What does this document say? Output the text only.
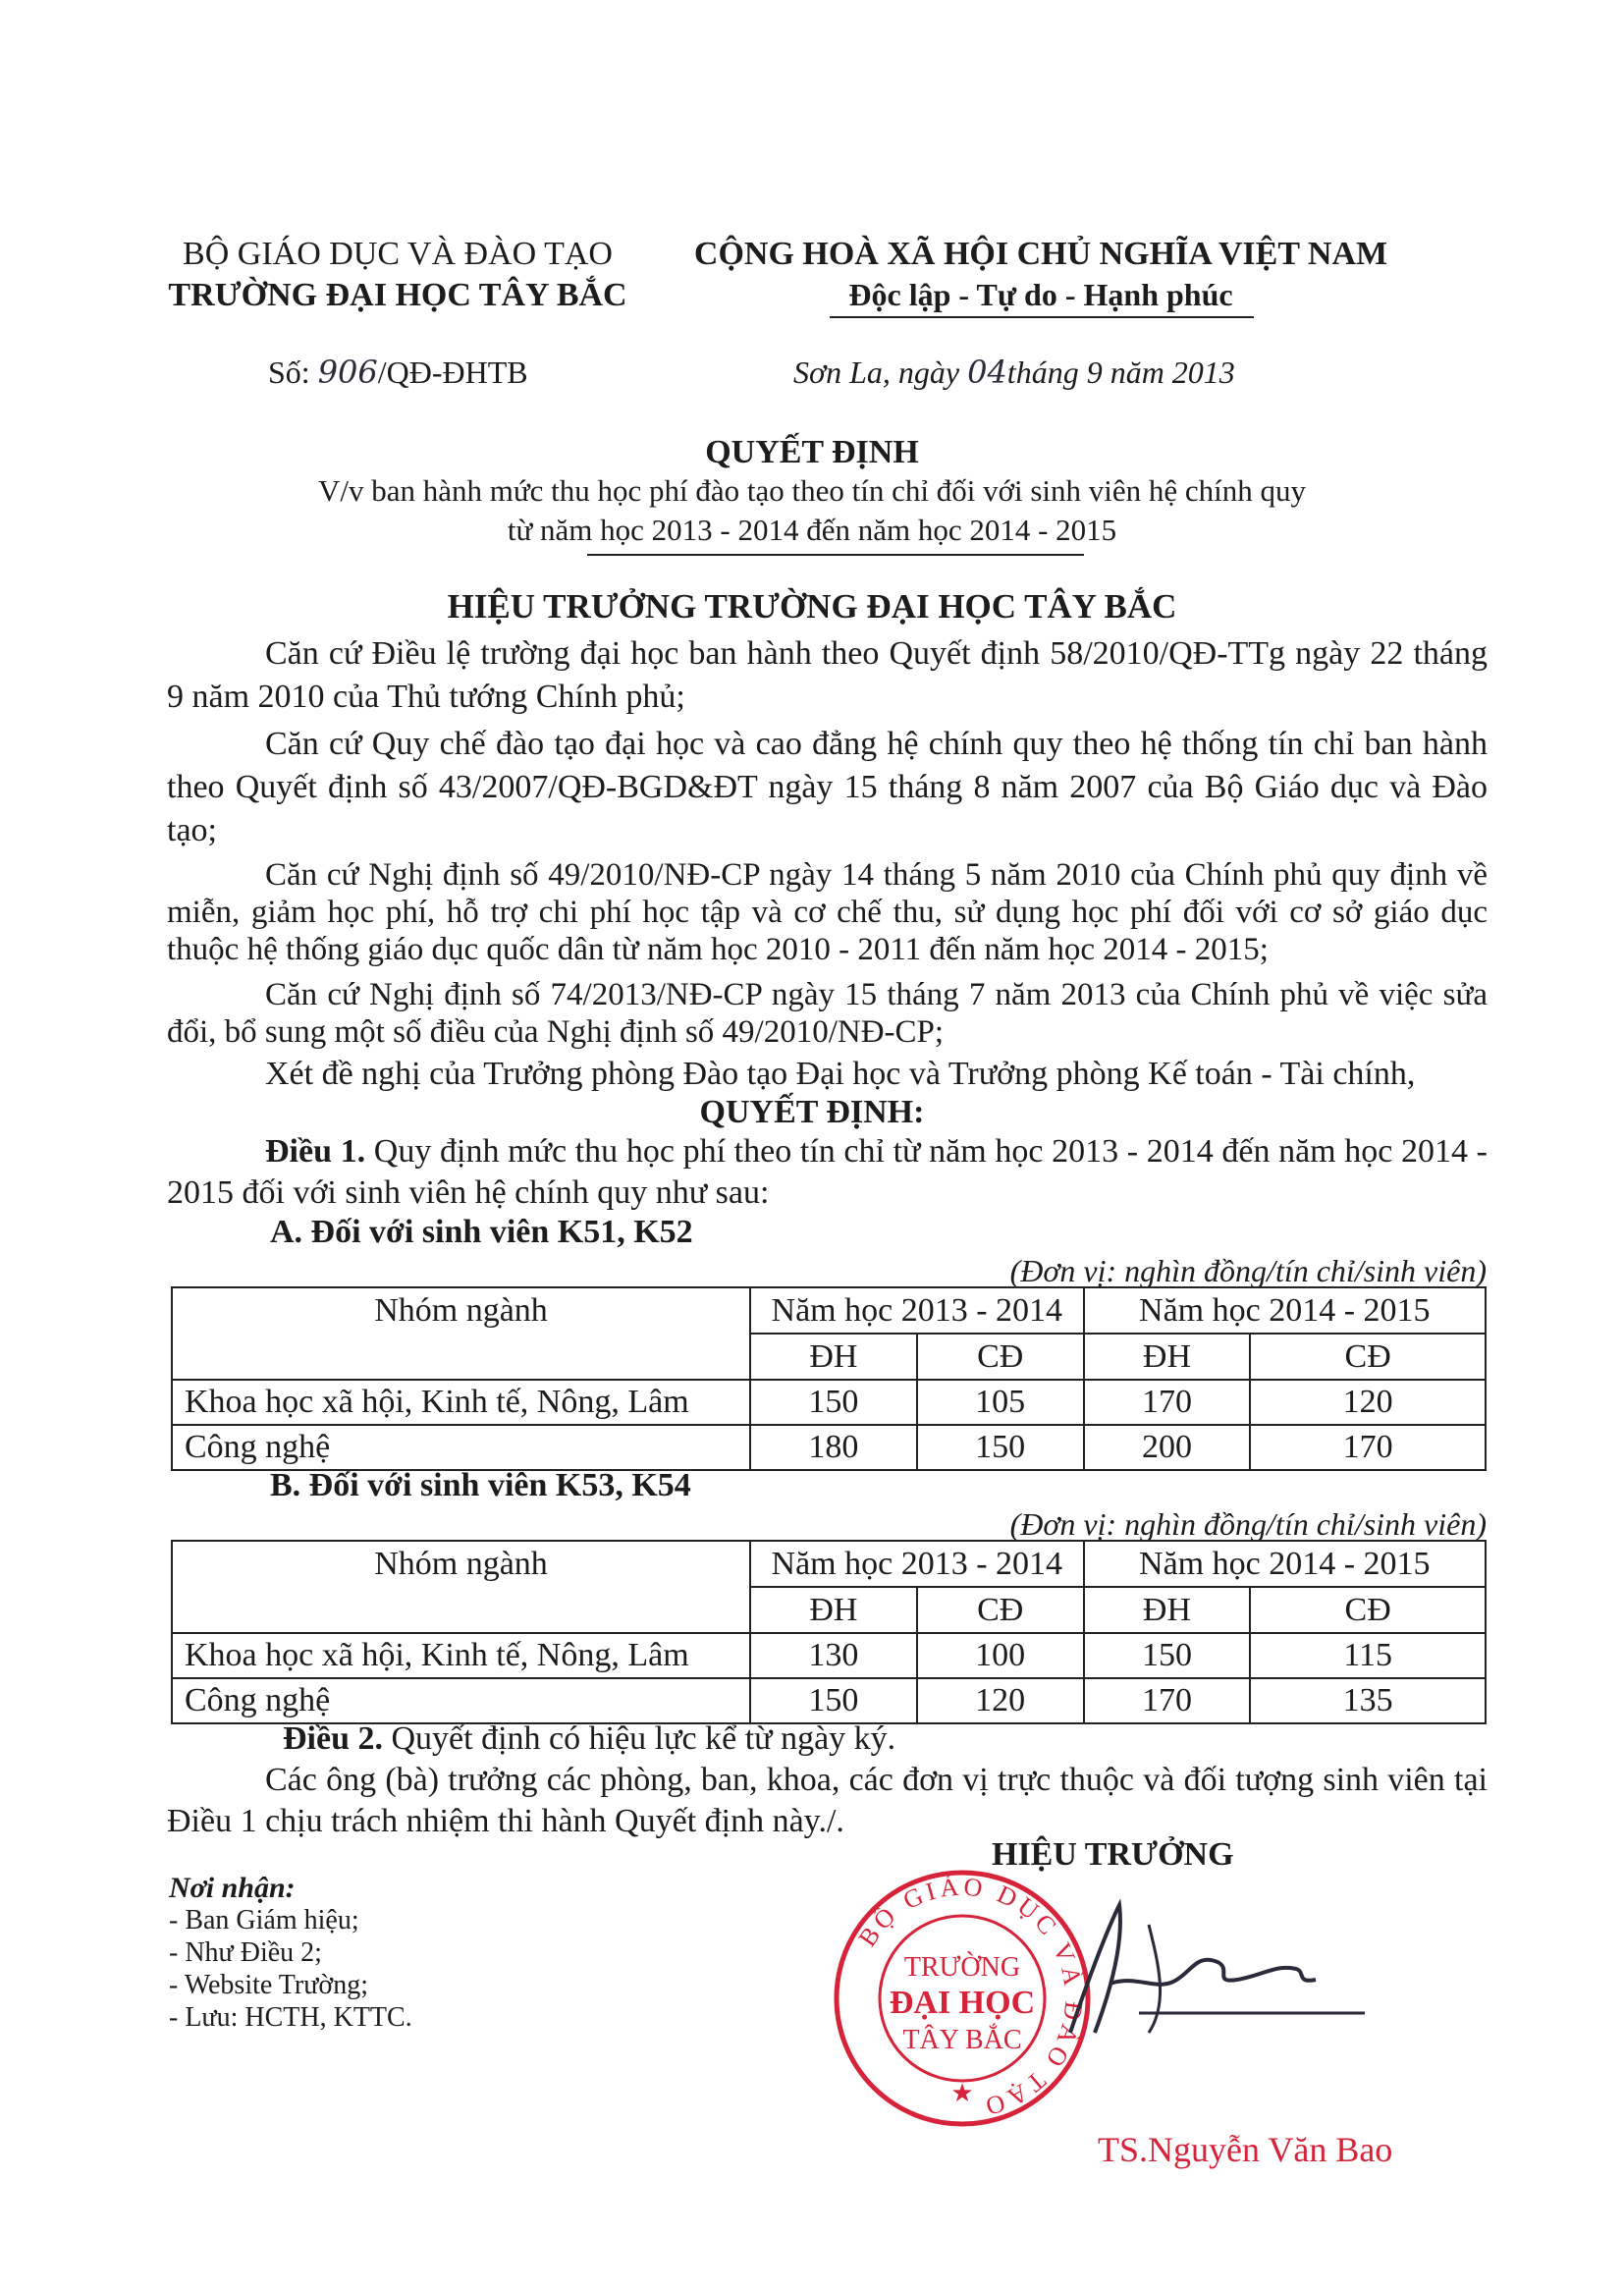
BỘ GIÁO DỤC VÀ ĐÀO TẠO
TRƯỜNG ĐẠI HỌC TÂY BẮC
CỘNG HOÀ XÃ HỘI CHỦ NGHĨA VIỆT NAM
Độc lập - Tự do - Hạnh phúc
Số: 906/QĐ-ĐHTB	Sơn La, ngày 04tháng 9 năm 2013
QUYẾT ĐỊNH
V/v ban hành mức thu học phí đào tạo theo tín chỉ đối với sinh viên hệ chính quy
từ năm học 2013 - 2014 đến năm học 2014 - 2015
HIỆU TRƯỞNG TRƯỜNG ĐẠI HỌC TÂY BẮC
Căn cứ Điều lệ trường đại học ban hành theo Quyết định 58/2010/QĐ-TTg ngày 22 tháng 9 năm 2010 của Thủ tướng Chính phủ;
Căn cứ Quy chế đào tạo đại học và cao đẳng hệ chính quy theo hệ thống tín chỉ ban hành theo Quyết định số 43/2007/QĐ-BGD&ĐT ngày 15 tháng 8 năm 2007 của Bộ Giáo dục và Đào tạo;
Căn cứ Nghị định số 49/2010/NĐ-CP ngày 14 tháng 5 năm 2010 của Chính phủ quy định về miễn, giảm học phí, hỗ trợ chi phí học tập và cơ chế thu, sử dụng học phí đối với cơ sở giáo dục thuộc hệ thống giáo dục quốc dân từ năm học 2010 - 2011 đến năm học 2014 - 2015;
Căn cứ Nghị định số 74/2013/NĐ-CP ngày 15 tháng 7 năm 2013 của Chính phủ về việc sửa đổi, bổ sung một số điều của Nghị định số 49/2010/NĐ-CP;
Xét đề nghị của Trưởng phòng Đào tạo Đại học và Trưởng phòng Kế toán - Tài chính,
QUYẾT ĐỊNH:
Điều 1. Quy định mức thu học phí theo tín chỉ từ năm học 2013 - 2014 đến năm học 2014 - 2015 đối với sinh viên hệ chính quy như sau:
A. Đối với sinh viên K51, K52
(Đơn vị: nghìn đồng/tín chỉ/sinh viên)
Nhóm ngành	Năm học 2013 - 2014		Năm học 2014 - 2015	
	ĐH	CĐ	ĐH	CĐ
Khoa học xã hội, Kinh tế, Nông, Lâm	150	105	170	120
Công nghệ	180	150	200	170
B. Đối với sinh viên K53, K54
(Đơn vị: nghìn đồng/tín chỉ/sinh viên)
Nhóm ngành	Năm học 2013 - 2014		Năm học 2014 - 2015	
	ĐH	CĐ	ĐH	CĐ
Khoa học xã hội, Kinh tế, Nông, Lâm	130	100	150	115
Công nghệ	150	120	170	135
Điều 2. Quyết định có hiệu lực kể từ ngày ký.
Các ông (bà) trưởng các phòng, ban, khoa, các đơn vị trực thuộc và đối tượng sinh viên tại Điều 1 chịu trách nhiệm thi hành Quyết định này./.
Nơi nhận:
- Ban Giám hiệu;
- Như Điều 2;
- Website Trường;
- Lưu: HCTH, KTTC.
HIỆU TRƯỞNG
BỘ GIÁO DỤC VÀ ĐÀO TẠO
TRƯỜNG
ĐẠI HỌC
TÂY BẮC
★
TS.Nguyễn Văn Bao
